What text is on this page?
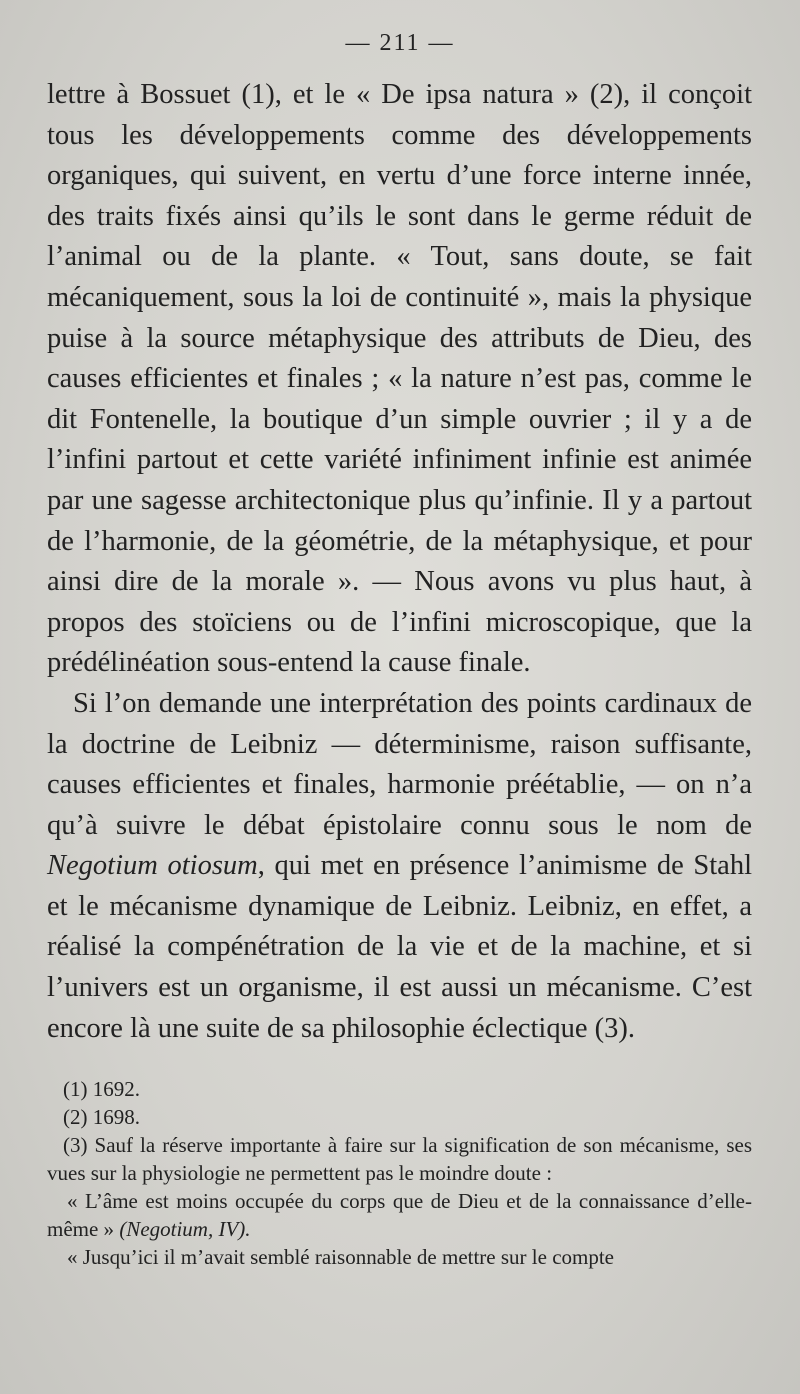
— 211 —

lettre à Bossuet (1), et le « De ipsa natura » (2), il conçoit tous les développements comme des développements organiques, qui suivent, en vertu d’une force interne innée, des traits fixés ainsi qu’ils le sont dans le germe réduit de l’animal ou de la plante. « Tout, sans doute, se fait mécaniquement, sous la loi de continuité », mais la physique puise à la source métaphysique des attributs de Dieu, des causes efficientes et finales ; « la nature n’est pas, comme le dit Fontenelle, la boutique d’un simple ouvrier ; il y a de l’infini partout et cette variété infiniment infinie est animée par une sagesse architectonique plus qu’infinie. Il y a partout de l’harmonie, de la géométrie, de la métaphysique, et pour ainsi dire de la morale ». — Nous avons vu plus haut, à propos des stoïciens ou de l’infini microscopique, que la prédélinéation sous-entend la cause finale.

Si l’on demande une interprétation des points cardinaux de la doctrine de Leibniz — déterminisme, raison suffisante, causes efficientes et finales, harmonie préétablie, — on n’a qu’à suivre le débat épistolaire connu sous le nom de Negotium otiosum, qui met en présence l’animisme de Stahl et le mécanisme dynamique de Leibniz. Leibniz, en effet, a réalisé la compénétration de la vie et de la machine, et si l’univers est un organisme, il est aussi un mécanisme. C’est encore là une suite de sa philosophie éclectique (3).

(1) 1692.

(2) 1698.

(3) Sauf la réserve importante à faire sur la signification de son mécanisme, ses vues sur la physiologie ne permettent pas le moindre doute :

« L’âme est moins occupée du corps que de Dieu et de la connaissance d’elle-même » (Negotium, IV).

« Jusqu’ici il m’avait semblé raisonnable de mettre sur le compte
